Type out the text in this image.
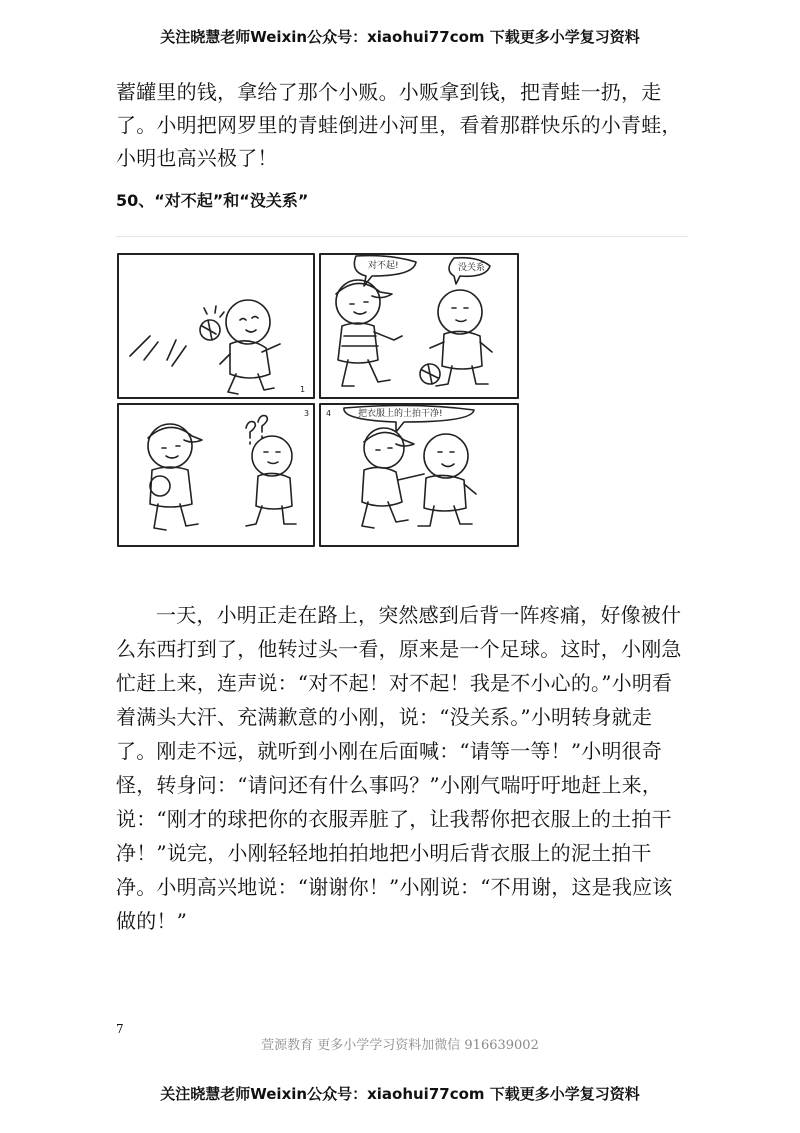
关注晓慧老师Weixin公众号：xiaohui77com 下载更多小学复习资料

蓄罐里的钱，拿给了那个小贩。小贩拿到钱，把青蛙一扔，走了。小明把网罗里的青蛙倒进小河里，看着那群快乐的小青蛙，小明也高兴极了！

50、“对不起”和“没关系”
1
3 4
对不起!	没关系
把衣服上的土拍干净!

一天，小明正走在路上，突然感到后背一阵疼痛，好像被什么东西打到了，他转过头一看，原来是一个足球。这时，小刚急忙赶上来，连声说：“对不起！对不起！我是不小心的。”小明看着满头大汗、充满歉意的小刚，说：“没关系。”小明转身就走了。刚走不远，就听到小刚在后面喊：“请等一等！”小明很奇怪，转身问：“请问还有什么事吗？”小刚气喘吁吁地赶上来，说：“刚才的球把你的衣服弄脏了，让我帮你把衣服上的土拍干净！”说完，小刚轻轻地拍拍地把小明后背衣服上的泥土拍干净。小明高兴地说：“谢谢你！”小刚说：“不用谢，这是我应该做的！”

7
萱源教育 更多小学学习资料加微信 916639002
关注晓慧老师Weixin公众号：xiaohui77com 下载更多小学复习资料
